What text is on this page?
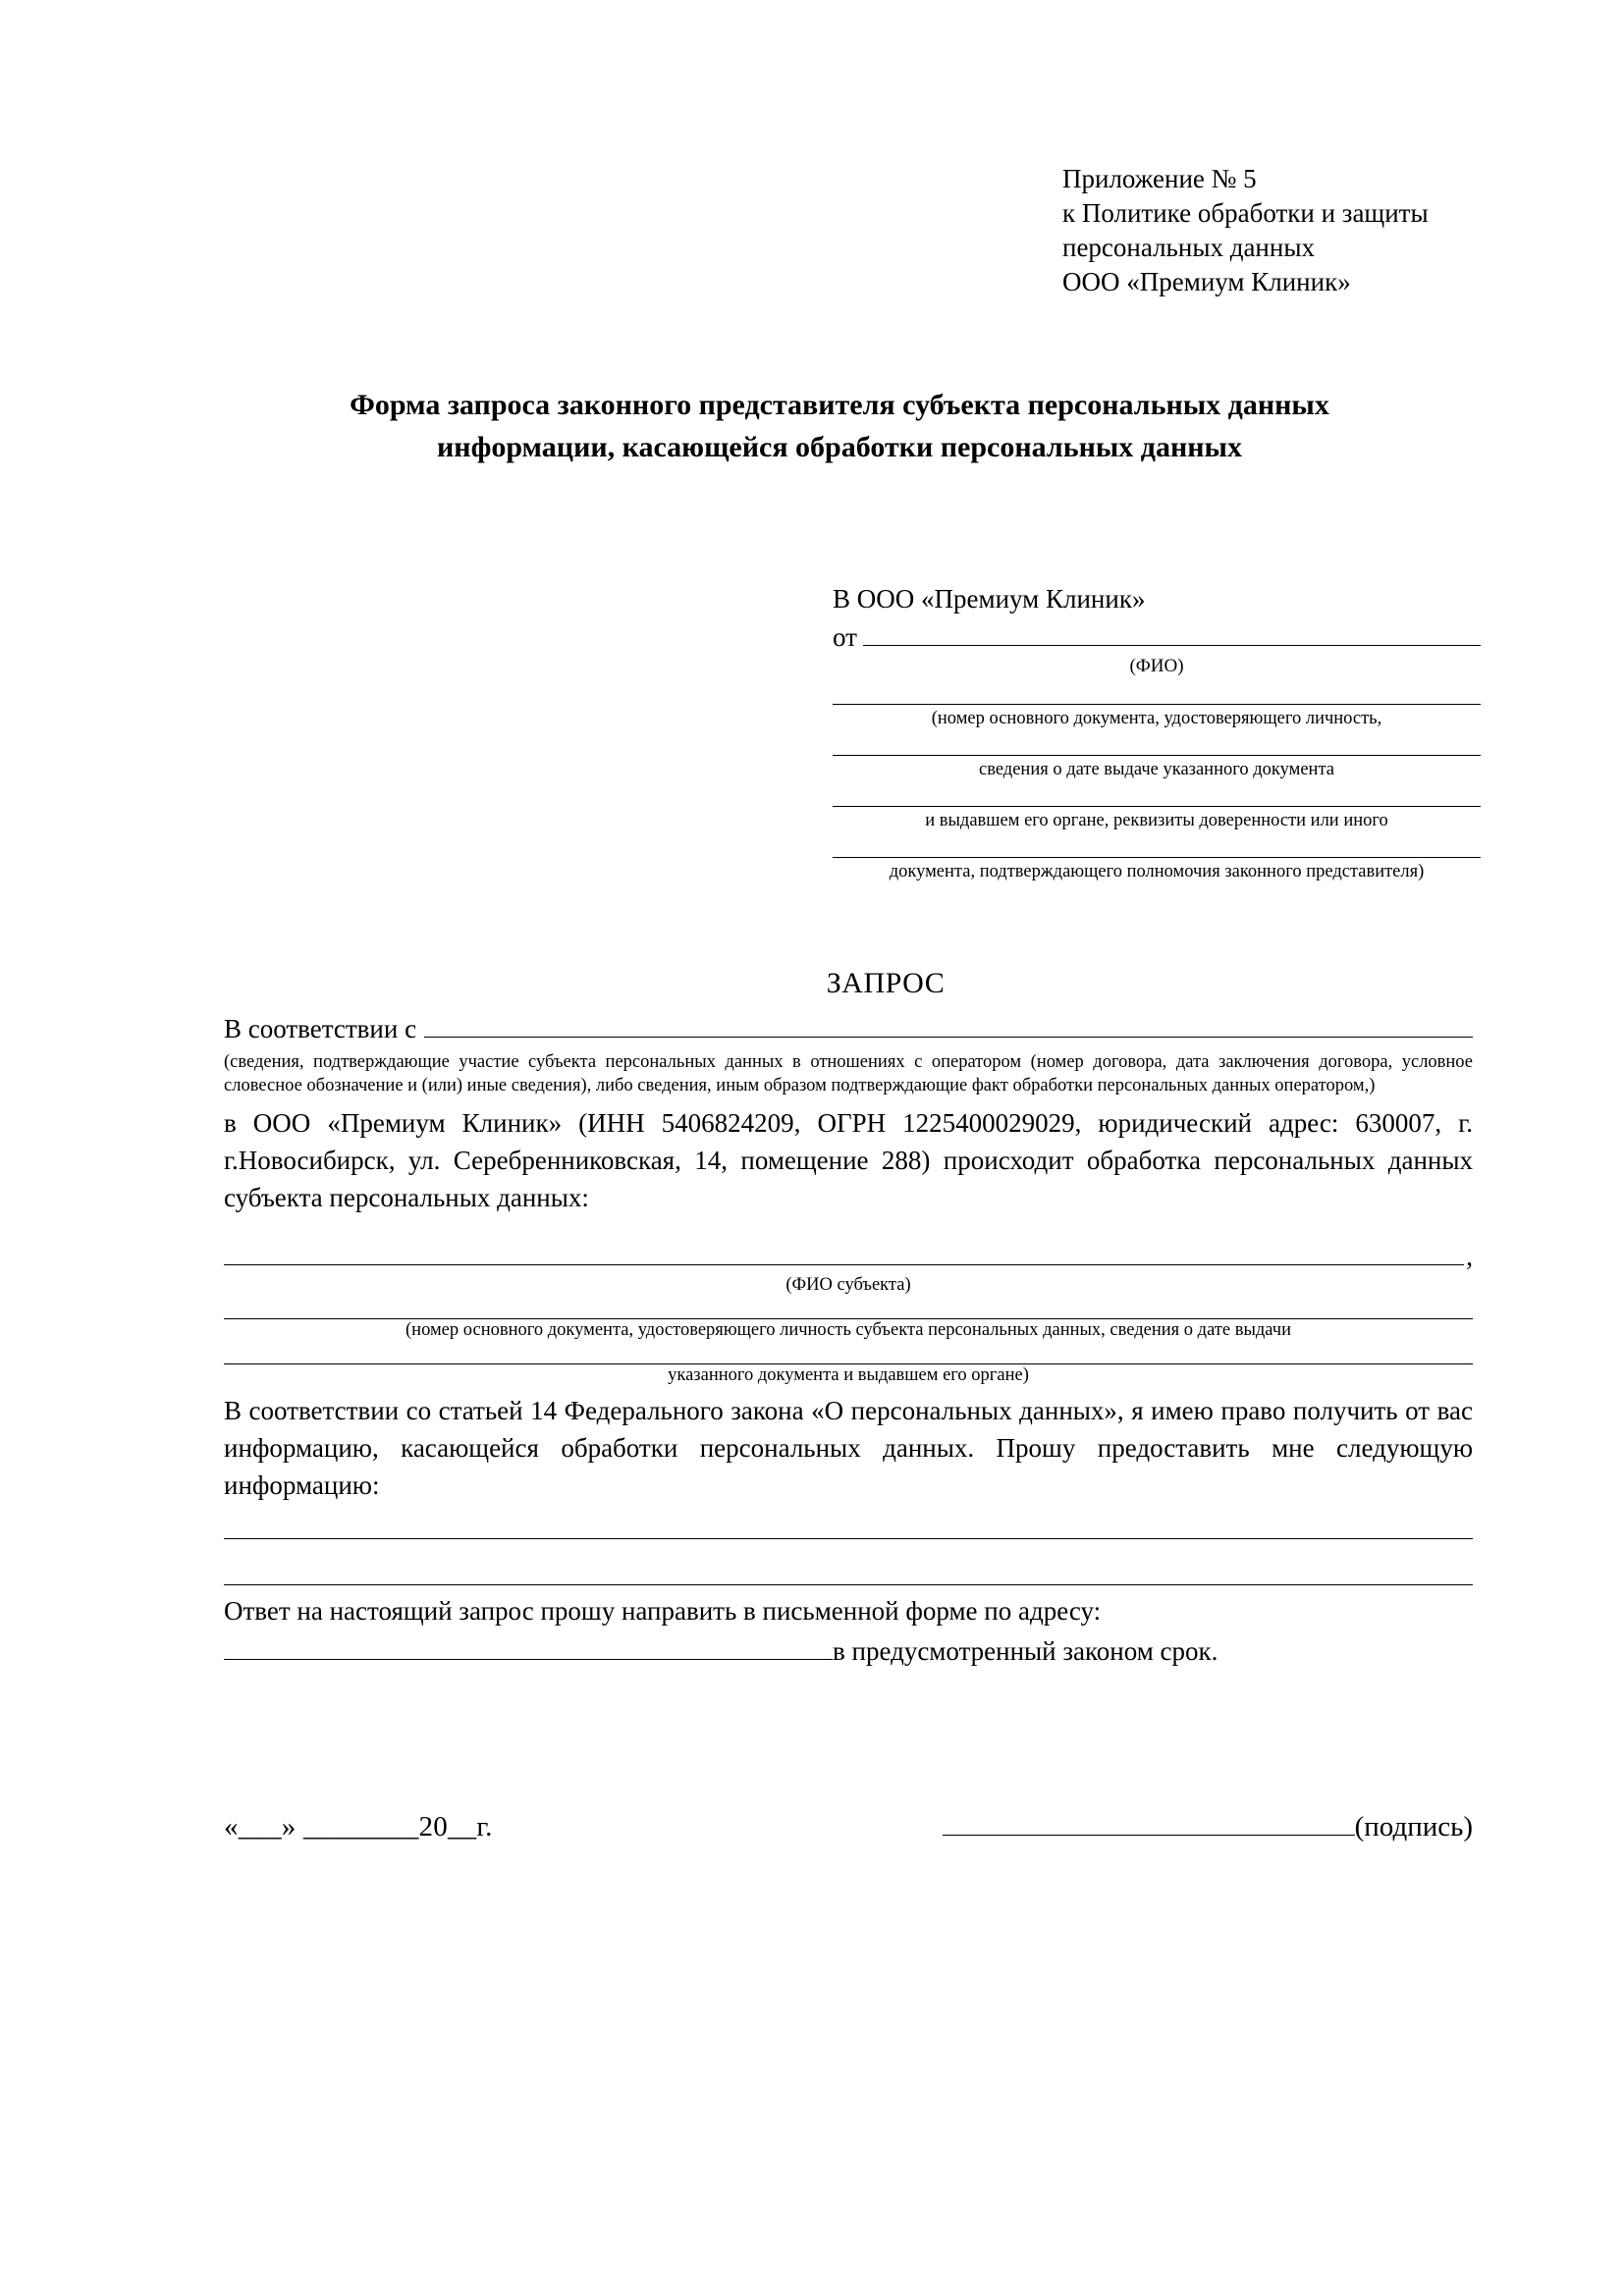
Приложение № 5
к Политике обработки и защиты
персональных данных
ООО «Премиум Клиник»
Форма запроса законного представителя субъекта персональных данных
информации, касающейся обработки персональных данных
В ООО «Премиум Клиник»
от
(ФИО)
(номер основного документа, удостоверяющего личность,
сведения о дате выдаче указанного документа
и выдавшем его органе, реквизиты доверенности или иного
документа, подтверждающего полномочия законного представителя)
ЗАПРОС
В соответствии с
(сведения, подтверждающие участие субъекта персональных данных в отношениях с оператором (номер договора, дата заключения договора, условное словесное обозначение и (или) иные сведения), либо сведения, иным образом подтверждающие факт обработки персональных данных оператором,)
в ООО «Премиум Клиник» (ИНН 5406824209, ОГРН 1225400029029, юридический адрес: 630007, г. г.Новосибирск, ул. Серебренниковская, 14, помещение 288) происходит обработка персональных данных субъекта персональных данных:
,
(ФИО субъекта)
(номер основного документа, удостоверяющего личность субъекта персональных данных, сведения о дате выдачи
указанного документа и выдавшем его органе)
В соответствии со статьей 14 Федерального закона «О персональных данных», я имею право получить от вас информацию, касающейся обработки персональных данных. Прошу предоставить мне следующую информацию:
Ответ на настоящий запрос прошу направить в письменной форме по адресу:
в предусмотренный законом срок.
«___» ________20__г.	(подпись)
